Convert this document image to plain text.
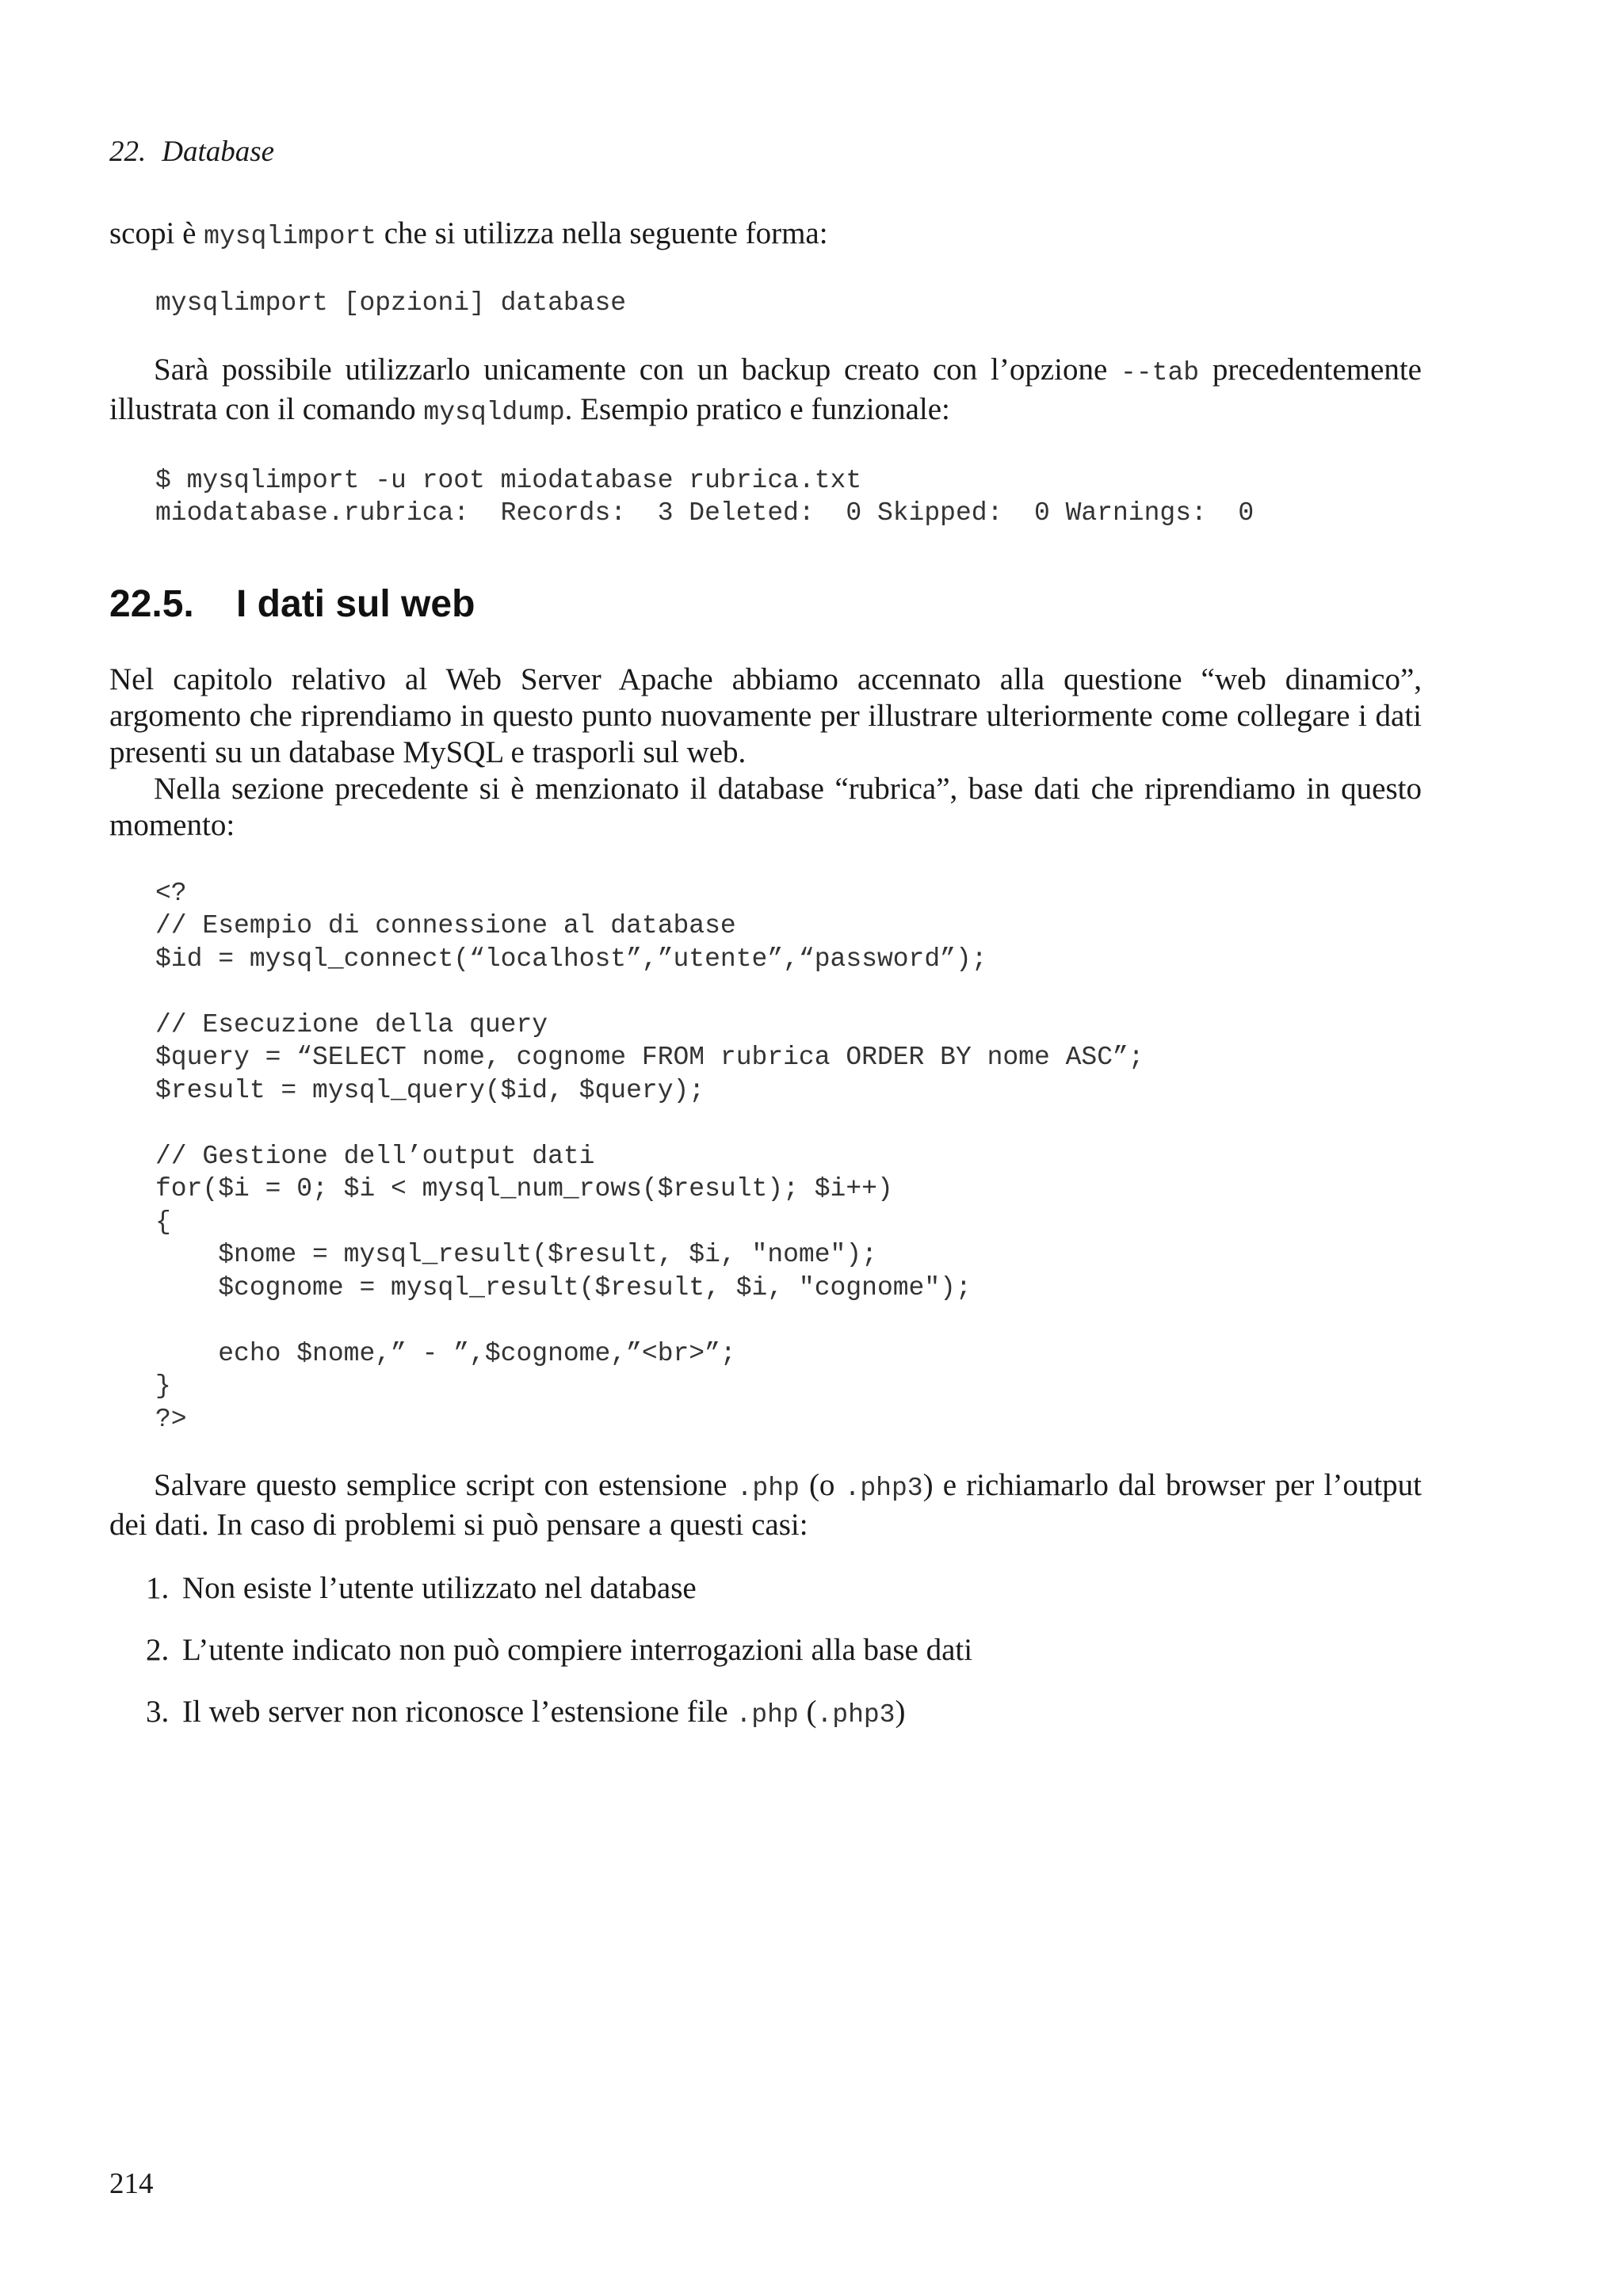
22. Database

scopi è mysqlimport che si utilizza nella seguente forma:

mysqlimport [opzioni] database

Sarà possibile utilizzarlo unicamente con un backup creato con l’opzione --tab precedentemente illustrata con il comando mysqldump. Esempio pratico e funzionale:

$ mysqlimport -u root miodatabase rubrica.txt
miodatabase.rubrica:  Records:  3 Deleted:  0 Skipped:  0 Warnings:  0
22.5. I dati sul web

Nel capitolo relativo al Web Server Apache abbiamo accennato alla questione “web dinamico”, argomento che riprendiamo in questo punto nuovamente per illustrare ulteriormente come collegare i dati presenti su un database MySQL e trasporli sul web.

Nella sezione precedente si è menzionato il database “rubrica”, base dati che riprendiamo in questo momento:

<?
// Esempio di connessione al database
$id = mysql_connect(“localhost”,”utente”,“password”);

// Esecuzione della query
$query = “SELECT nome, cognome FROM rubrica ORDER BY nome ASC”;
$result = mysql_query($id, $query);

// Gestione dell’output dati
for($i = 0; $i < mysql_num_rows($result); $i++)
{
$nome = mysql_result($result, $i, "nome");
$cognome = mysql_result($result, $i, "cognome");

echo $nome,” - ”,$cognome,”<br>”;
}
?>

Salvare questo semplice script con estensione .php (o .php3) e richiamarlo dal browser per l’output dei dati. In caso di problemi si può pensare a questi casi:

1. Non esiste l’utente utilizzato nel database
2. L’utente indicato non può compiere interrogazioni alla base dati
3. Il web server non riconosce l’estensione file .php (.php3)
214
